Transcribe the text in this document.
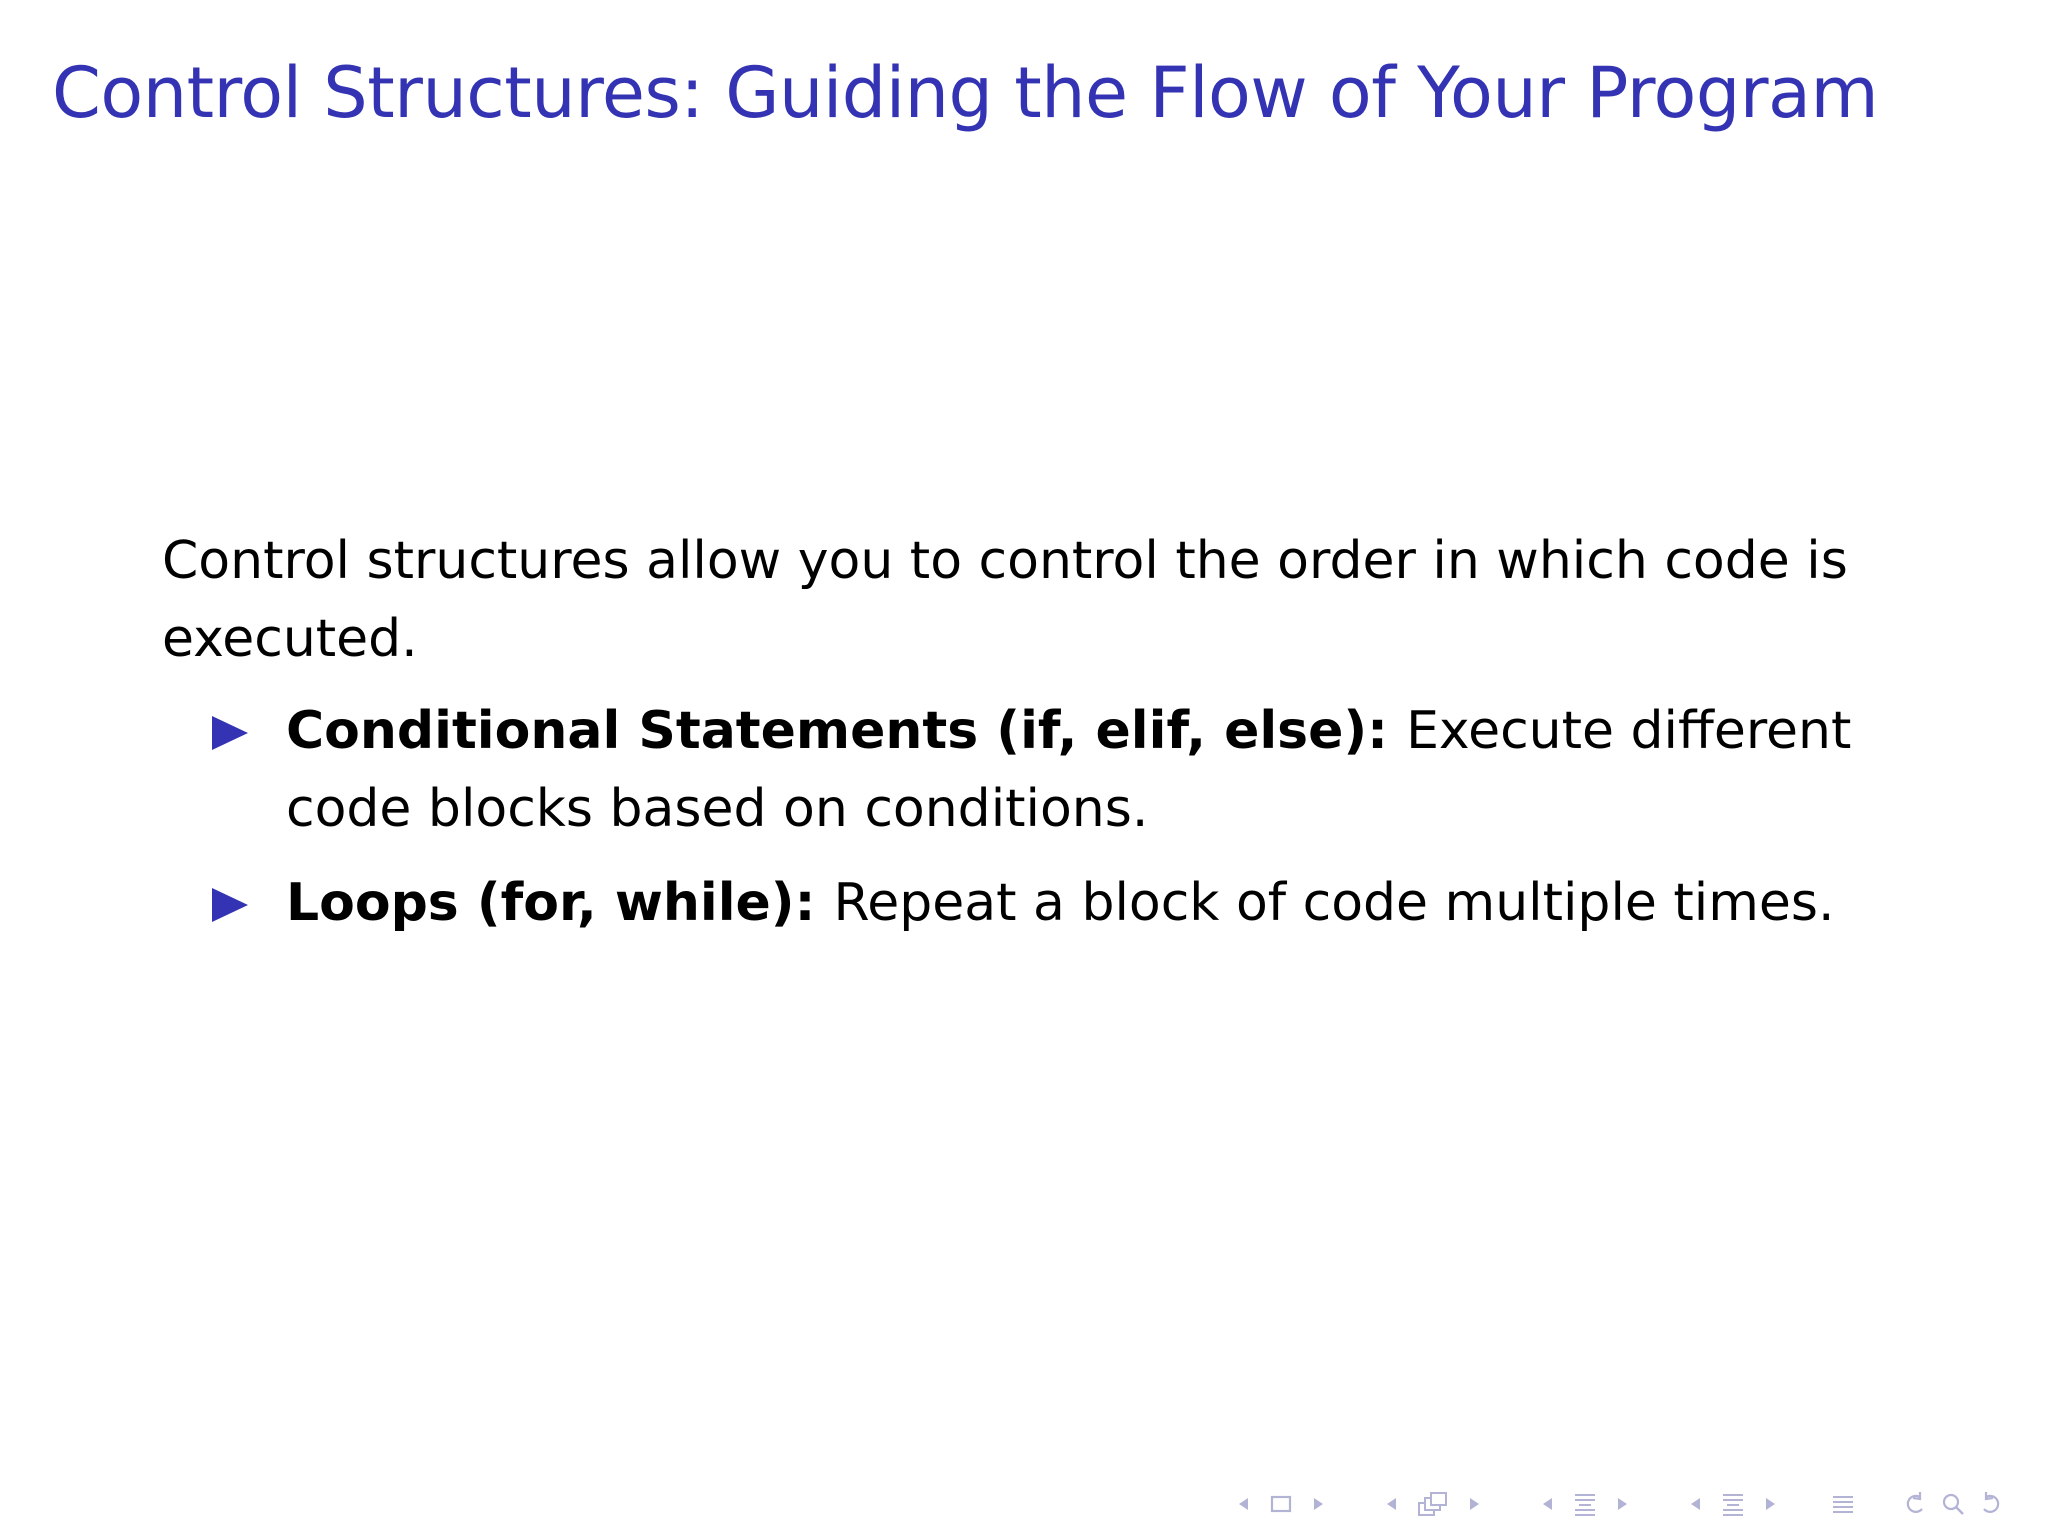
Control Structures: Guiding the Flow of Your Program

Control structures allow you to control the order in which code is executed.

Conditional Statements (if, elif, else): Execute different code blocks based on conditions.
Loops (for, while): Repeat a block of code multiple times.
